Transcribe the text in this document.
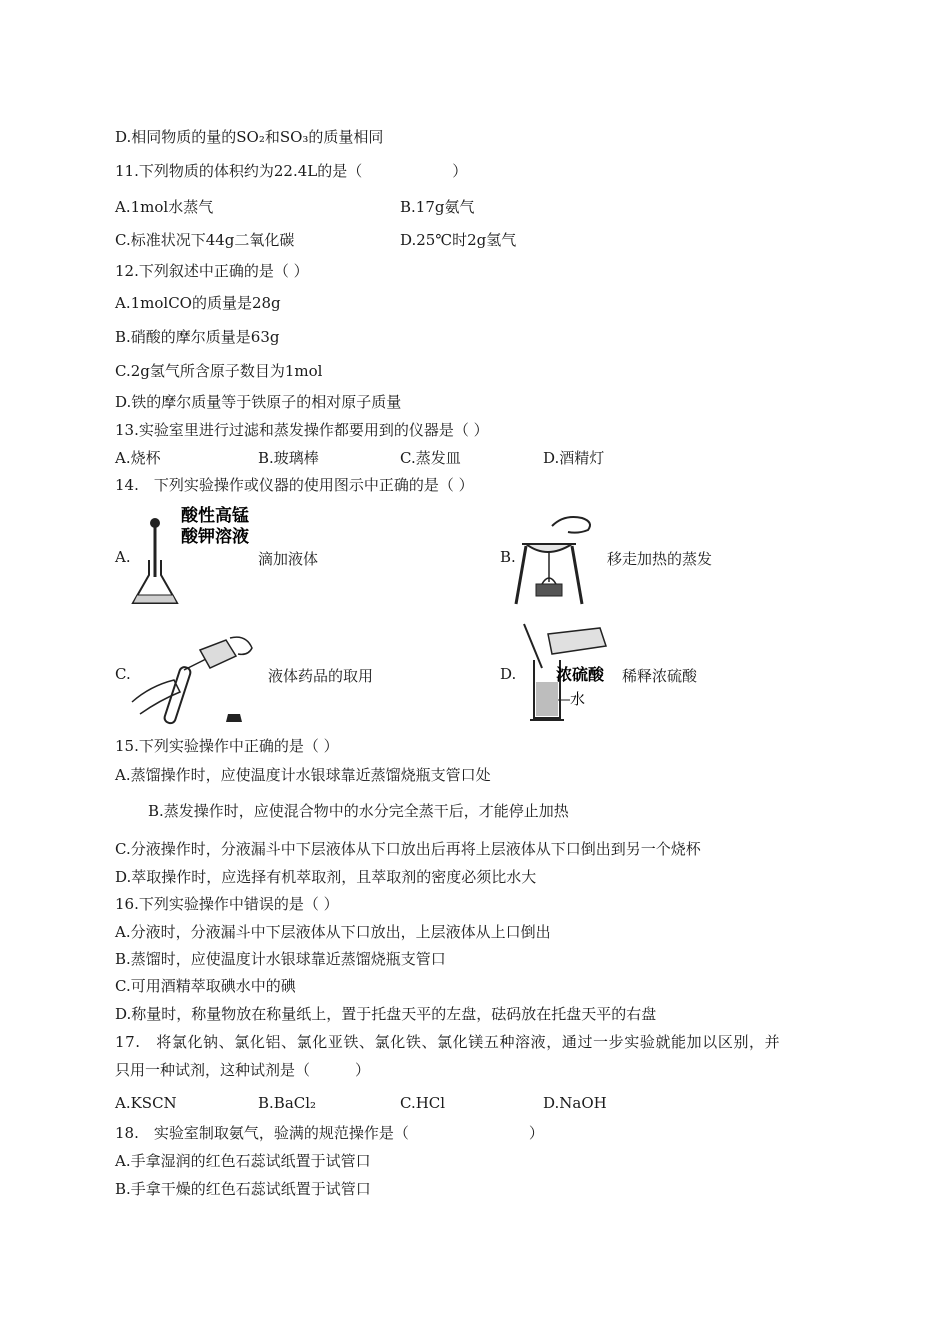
D.相同物质的量的SO₂和SO₃的质量相同
11.下列物质的体积约为22.4L的是（　　　　　　）
A.1mol水蒸气	B.17g氨气
C.标准状况下44g二氧化碳	D.25℃时2g氢气
12.下列叙述中正确的是（ ）
A.1molCO的质量是28g
B.硝酸的摩尔质量是63g
C.2g氢气所含原子数目为1mol
D.铁的摩尔质量等于铁原子的相对原子质量
13.实验室里进行过滤和蒸发操作都要用到的仪器是（ ）
A.烧杯	B.玻璃棒	C.蒸发皿	D.酒精灯
14.　下列实验操作或仪器的使用图示中正确的是（ ）
A.
酸性高锰
酸钾溶液
滴加液体	B.	移走加热的蒸发
C.	液体药品的取用	D. 浓硫酸
水
稀释浓硫酸
15.下列实验操作中正确的是（ ）
A.蒸馏操作时，应使温度计水银球靠近蒸馏烧瓶支管口处
B.蒸发操作时，应使混合物中的水分完全蒸干后，才能停止加热
C.分液操作时，分液漏斗中下层液体从下口放出后再将上层液体从下口倒出到另一个烧杯
D.萃取操作时，应选择有机萃取剂，且萃取剂的密度必须比水大
16.下列实验操作中错误的是（ ）
A.分液时，分液漏斗中下层液体从下口放出，上层液体从上口倒出
B.蒸馏时，应使温度计水银球靠近蒸馏烧瓶支管口
C.可用酒精萃取碘水中的碘
D.称量时，称量物放在称量纸上，置于托盘天平的左盘，砝码放在托盘天平的右盘
17.　将氯化钠、氯化铝、氯化亚铁、氯化铁、氯化镁五种溶液，通过一步实验就能加以区别，并
只用一种试剂，这种试剂是（　　　）
A.KSCN	B.BaCl₂	C.HCl	D.NaOH
18.　实验室制取氨气，验满的规范操作是（　　　　　　　　）
A.手拿湿润的红色石蕊试纸置于试管口
B.手拿干燥的红色石蕊试纸置于试管口
